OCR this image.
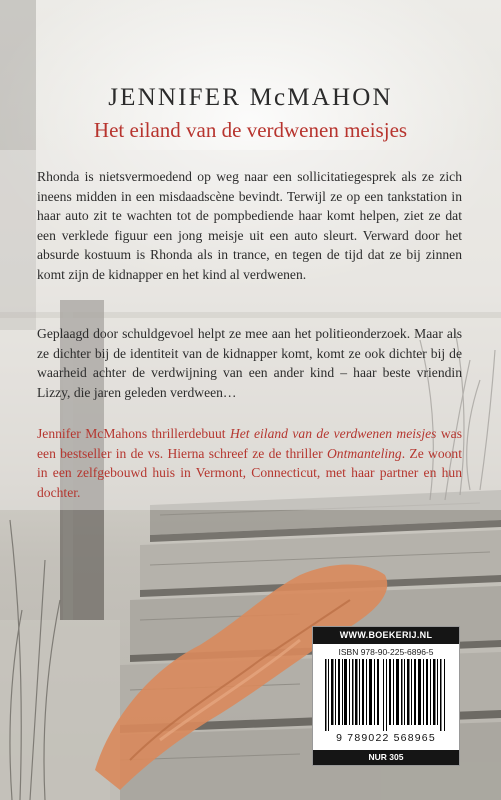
JENNIFER McMAHON
Het eiland van de verdwenen meisjes

Rhonda is nietsvermoedend op weg naar een sollicitatiegesprek als ze zich ineens midden in een misdaadscène bevindt. Terwijl ze op een tankstation in haar auto zit te wachten tot de pompbediende haar komt helpen, ziet ze dat een verklede figuur een jong meisje uit een auto sleurt. Verward door het absurde kostuum is Rhonda als in trance, en tegen de tijd dat ze bij zinnen komt zijn de kidnapper en het kind al verdwenen.

Geplaagd door schuldgevoel helpt ze mee aan het politieonderzoek. Maar als ze dichter bij de identiteit van de kidnapper komt, komt ze ook dichter bij de waarheid achter de verdwijning van een ander kind – haar beste vriendin Lizzy, die jaren geleden verdween…

Jennifer McMahons thrillerdebuut Het eiland van de verdwenen meisjes was een bestseller in de vs. Hierna schreef ze de thriller Ontmanteling. Ze woont in een zelfgebouwd huis in Vermont, Connecticut, met haar partner en hun dochter.

WWW.BOEKERIJ.NL
ISBN 978-90-225-6896-5
9 789022 568965
NUR 305
